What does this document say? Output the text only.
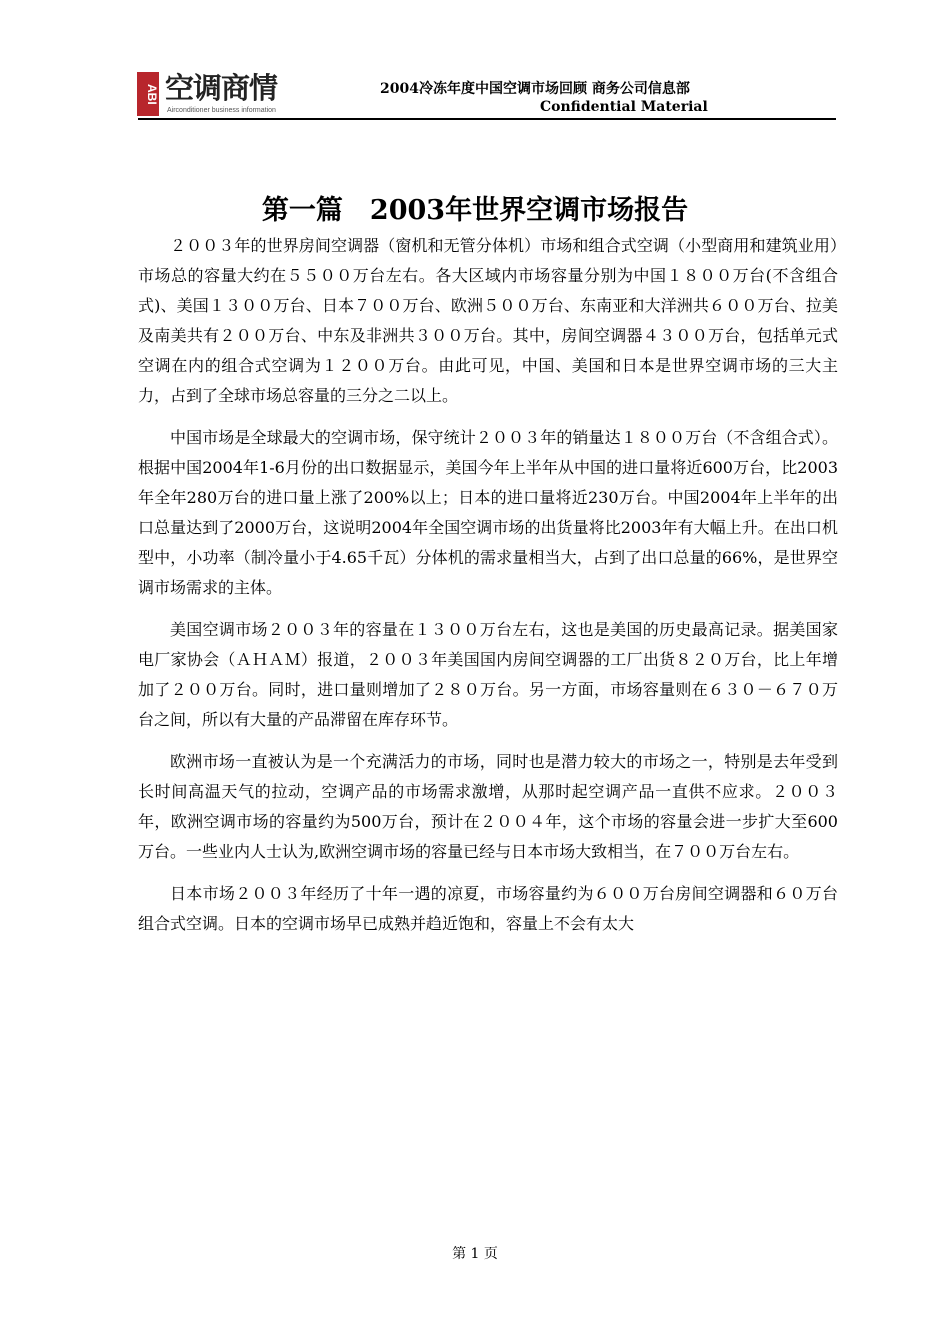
ABI 空调商情
Airconditioner business information
2004冷冻年度中国空调市场回顾 商务公司信息部
Confidential Material
第一篇　2003年世界空调市场报告

２００３年的世界房间空调器（窗机和无管分体机）市场和组合式空调（小型商用和建筑业用）市场总的容量大约在５５００万台左右。各大区域内市场容量分别为中国１８００万台(不含组合式)、美国１３００万台、日本７００万台、欧洲５００万台、东南亚和大洋洲共６００万台、拉美及南美共有２００万台、中东及非洲共３００万台。其中，房间空调器４３００万台，包括单元式空调在内的组合式空调为１２００万台。由此可见，中国、美国和日本是世界空调市场的三大主力，占到了全球市场总容量的三分之二以上。

中国市场是全球最大的空调市场，保守统计２００３年的销量达１８００万台（不含组合式）。根据中国2004年1-6月份的出口数据显示，美国今年上半年从中国的进口量将近600万台，比2003年全年280万台的进口量上涨了200%以上；日本的进口量将近230万台。中国2004年上半年的出口总量达到了2000万台，这说明2004年全国空调市场的出货量将比2003年有大幅上升。在出口机型中，小功率（制冷量小于4.65千瓦）分体机的需求量相当大，占到了出口总量的66%，是世界空调市场需求的主体。

美国空调市场２００３年的容量在１３００万台左右，这也是美国的历史最高记录。据美国家电厂家协会（ＡＨＡＭ）报道，２００３年美国国内房间空调器的工厂出货８２０万台，比上年增加了２００万台。同时，进口量则增加了２８０万台。另一方面，市场容量则在６３０－６７０万台之间，所以有大量的产品滞留在库存环节。

欧洲市场一直被认为是一个充满活力的市场，同时也是潜力较大的市场之一，特别是去年受到长时间高温天气的拉动，空调产品的市场需求激增，从那时起空调产品一直供不应求。２００３年，欧洲空调市场的容量约为500万台，预计在２００４年，这个市场的容量会进一步扩大至600万台。一些业内人士认为,欧洲空调市场的容量已经与日本市场大致相当，在７００万台左右。

日本市场２００３年经历了十年一遇的凉夏，市场容量约为６００万台房间空调器和６０万台组合式空调。日本的空调市场早已成熟并趋近饱和，容量上不会有太大

第 1 页
